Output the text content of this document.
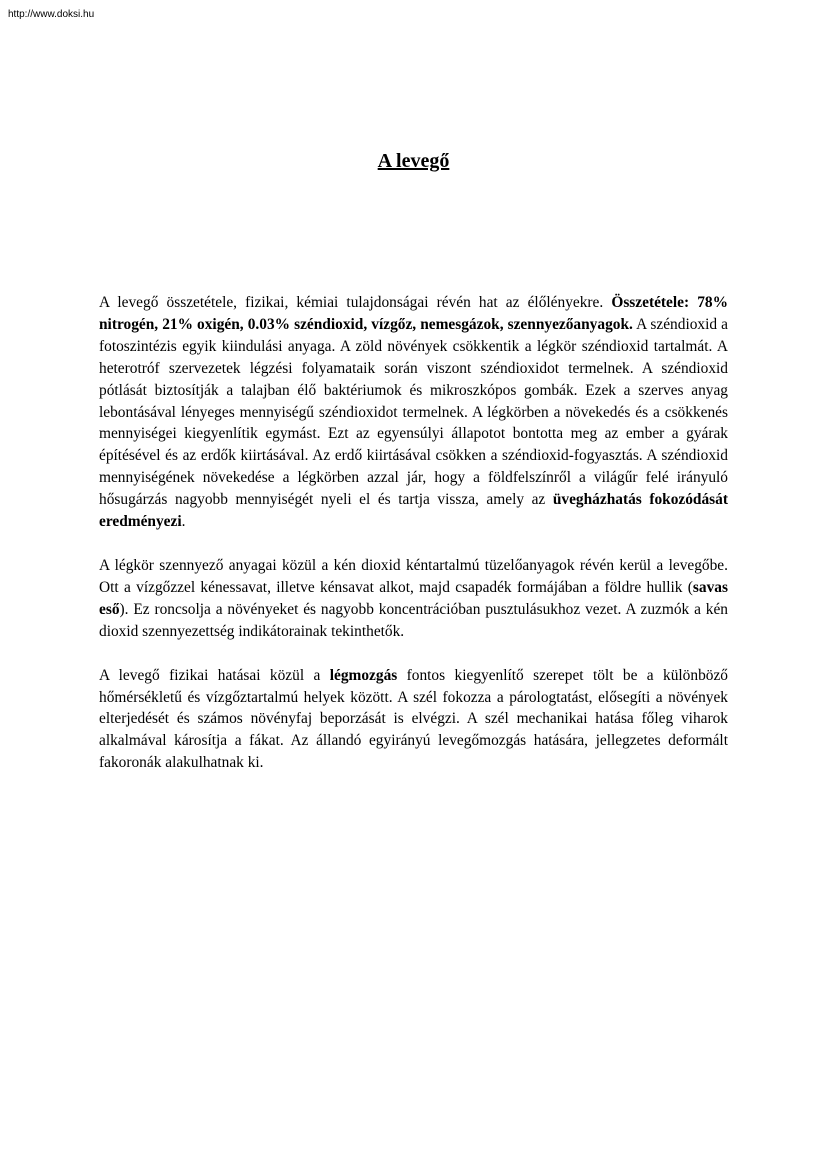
http://www.doksi.hu
A levegő

A levegő összetétele, fizikai, kémiai tulajdonságai révén hat az élőlényekre. Összetétele: 78% nitrogén, 21% oxigén, 0.03% széndioxid, vízgőz, nemesgázok, szennyezőanyagok. A széndioxid a fotoszintézis egyik kiindulási anyaga. A zöld növények csökkentik a légkör széndioxid tartalmát. A heterotróf szervezetek légzési folyamataik során viszont széndioxidot termelnek. A széndioxid pótlását biztosítják a talajban élő baktériumok és mikroszkópos gombák. Ezek a szerves anyag lebontásával lényeges mennyiségű széndioxidot termelnek. A légkörben a növekedés és a csökkenés mennyiségei kiegyenlítik egymást. Ezt az egyensúlyi állapotot bontotta meg az ember a gyárak építésével és az erdők kiirtásával. Az erdő kiirtásával csökken a széndioxid-fogyasztás. A széndioxid mennyiségének növekedése a légkörben azzal jár, hogy a földfelszínről a világűr felé irányuló hősugárzás nagyobb mennyiségét nyeli el és tartja vissza, amely az üvegházhatás fokozódását eredményezi.

A légkör szennyező anyagai közül a kén dioxid kéntartalmú tüzelőanyagok révén kerül a levegőbe. Ott a vízgőzzel kénessavat, illetve kénsavat alkot, majd csapadék formájában a földre hullik (savas eső). Ez roncsolja a növényeket és nagyobb koncentrációban pusztulásukhoz vezet. A zuzmók a kén dioxid szennyezettség indikátorainak tekinthetők.

A levegő fizikai hatásai közül a légmozgás fontos kiegyenlítő szerepet tölt be a különböző hőmérsékletű és vízgőztartalmú helyek között. A szél fokozza a párologtatást, elősegíti a növények elterjedését és számos növényfaj beporzását is elvégzi. A szél mechanikai hatása főleg viharok alkalmával károsítja a fákat. Az állandó egyirányú levegőmozgás hatására, jellegzetes deformált fakoronák alakulhatnak ki.
